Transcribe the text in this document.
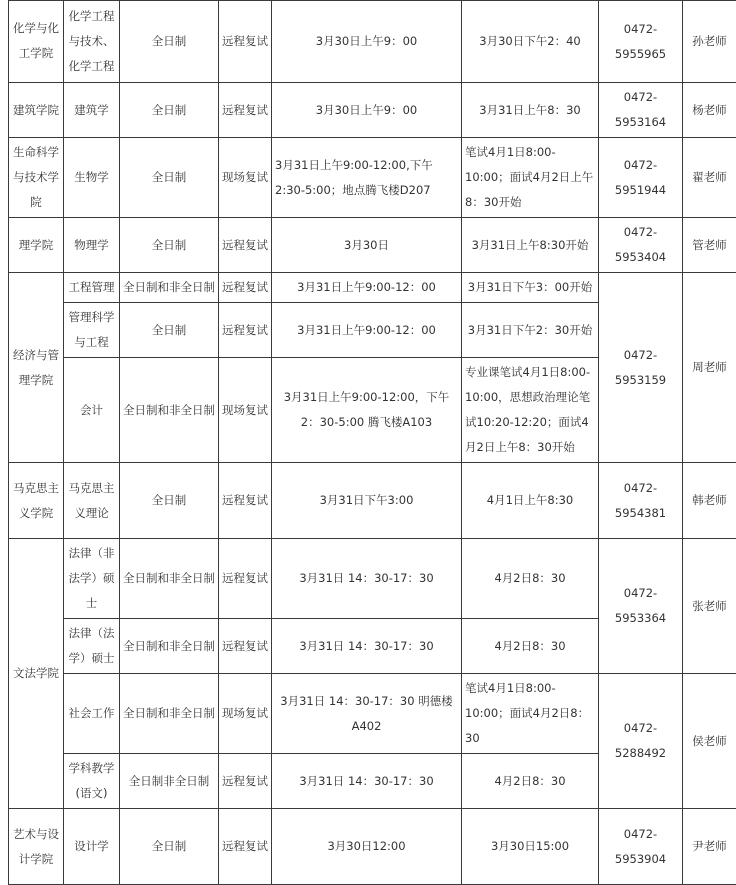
化学与化工学院	化学工程与技术、化学工程	全日制	远程复试	3月30日上午9：00	3月30日下午2：40	0472-5955965	孙老师
建筑学院	建筑学	全日制	远程复试	3月30日上午9：00	3月31日上午8：30	0472-5953164	杨老师
生命科学与技术学院	生物学	全日制	现场复试	3月31日上午9:00-12:00,下午2:30-5:00；地点腾飞楼D207	笔试4月1日8:00-10:00；面试4月2日上午8：30开始	0472-5951944	翟老师
理学院	物理学	全日制	远程复试	3月30日	3月31日上午8:30开始	0472-5953404	管老师
经济与管理学院	工程管理	全日制和非全日制	远程复试	3月31日上午9:00-12：00	3月31日下午3：00开始	0472-5953159	周老师
	管理科学与工程	全日制	远程复试	3月31日上午9:00-12：00	3月31日下午2：30开始		
	会计	全日制和非全日制	现场复试	3月31日上午9:00-12:00，下午2：30-5:00 腾飞楼A103	专业课笔试4月1日8:00-10:00，思想政治理论笔试10:20-12:20；面试4月2日上午8：30开始		
马克思主义学院	马克思主义理论	全日制	远程复试	3月31日下午3:00	4月1日上午8:30	0472-5954381	韩老师
文法学院	法律（非法学）硕士	全日制和非全日制	远程复试	3月31日 14：30-17：30	4月2日8：30	0472-5953364	张老师
	法律（法学）硕士	全日制和非全日制	远程复试	3月31日 14：30-17：30	4月2日8：30		
	社会工作	全日制和非全日制	现场复试	3月31日 14：30-17：30 明德楼A402	笔试4月1日8:00-10:00；面试4月2日8：30	0472-5288492	侯老师
	学科教学(语文)	全日制非全日制	远程复试	3月31日 14：30-17：30	4月2日8：30		
艺术与设计学院	设计学	全日制	远程复试	3月30日12:00	3月30日15:00	0472-5953904	尹老师
